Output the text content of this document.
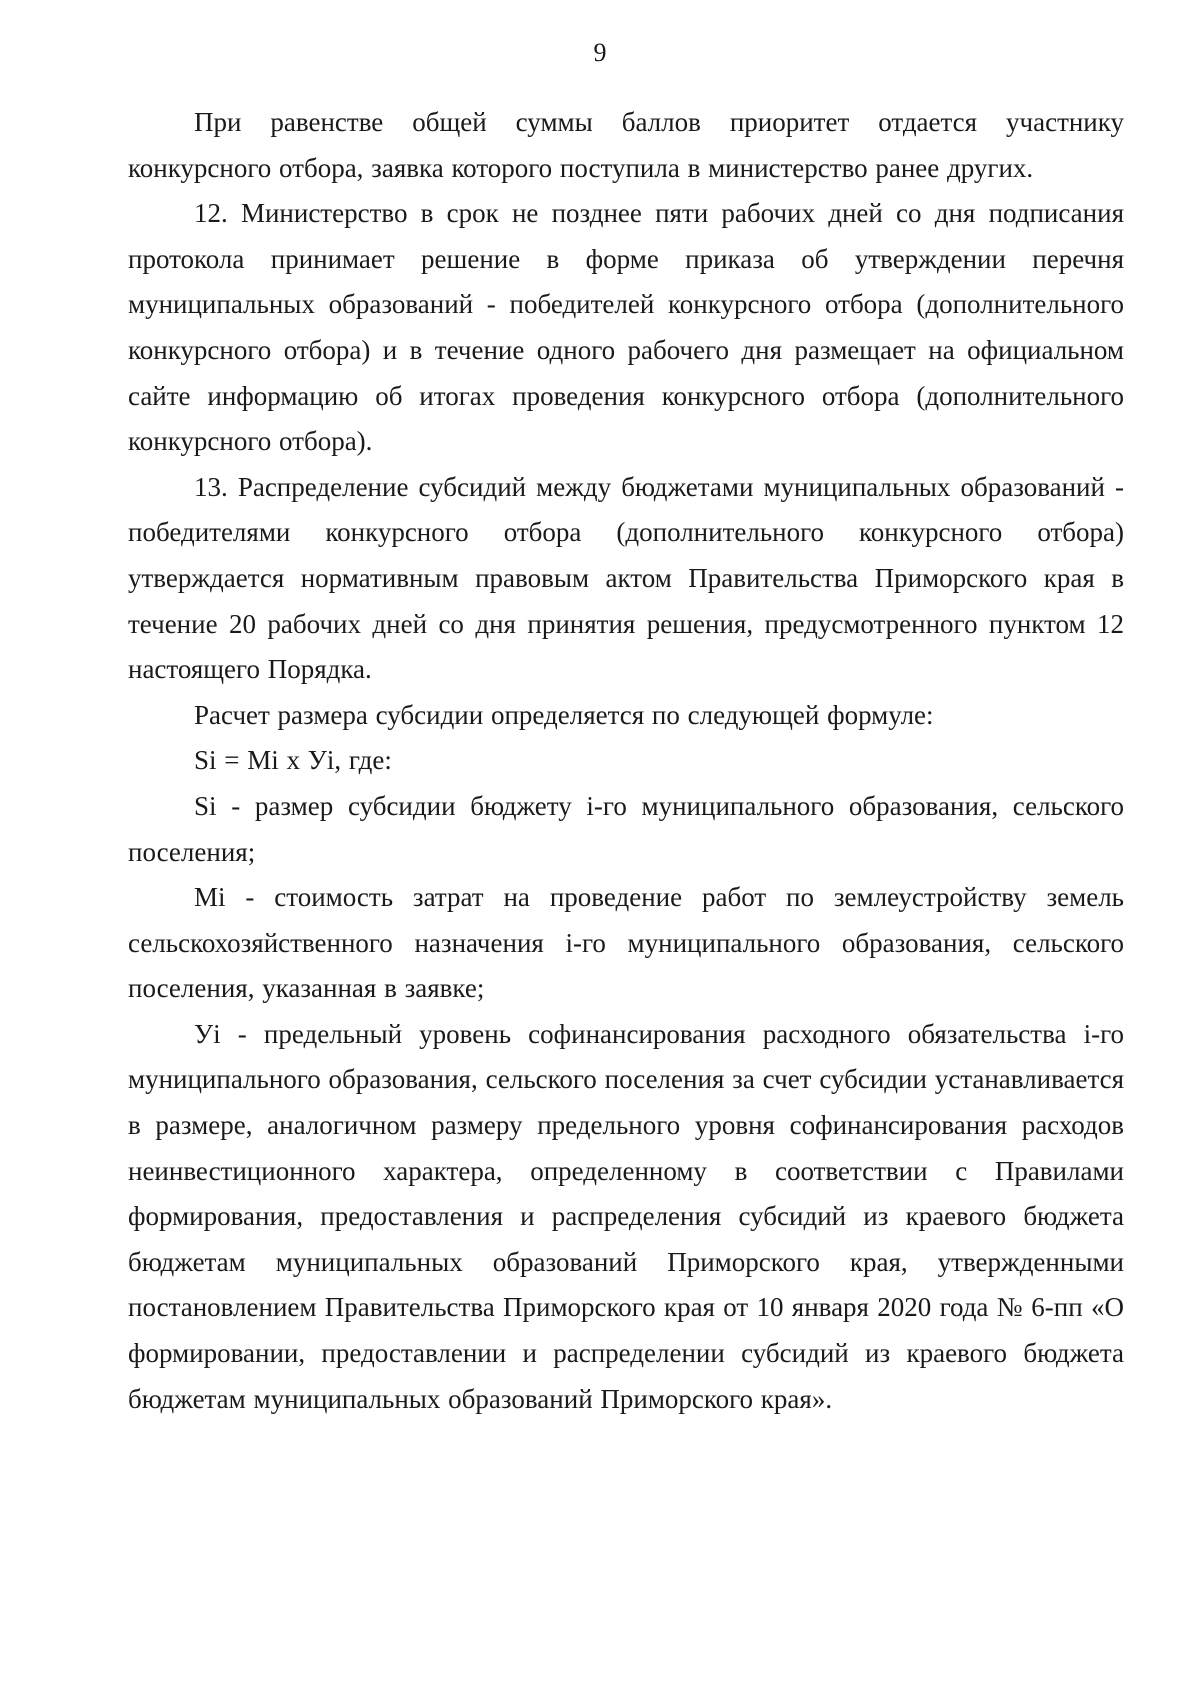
9

При равенстве общей суммы баллов приоритет отдается участнику конкурсного отбора, заявка которого поступила в министерство ранее других.

12. Министерство в срок не позднее пяти рабочих дней со дня подписания протокола принимает решение в форме приказа об утверждении перечня муниципальных образований - победителей конкурсного отбора (дополнительного конкурсного отбора) и в течение одного рабочего дня размещает на официальном сайте информацию об итогах проведения конкурсного отбора (дополнительного конкурсного отбора).

13. Распределение субсидий между бюджетами муниципальных образований - победителями конкурсного отбора (дополнительного конкурсного отбора) утверждается нормативным правовым актом Правительства Приморского края в течение 20 рабочих дней со дня принятия решения, предусмотренного пунктом 12 настоящего Порядка.

Расчет размера субсидии определяется по следующей формуле:

Si = Mi x Уi, где:

Si - размер субсидии бюджету i-го муниципального образования, сельского поселения;

Mi - стоимость затрат на проведение работ по землеустройству земель сельскохозяйственного назначения i-го муниципального образования, сельского поселения, указанная в заявке;

Уi - предельный уровень софинансирования расходного обязательства i-го муниципального образования, сельского поселения за счет субсидии устанавливается в размере, аналогичном размеру предельного уровня софинансирования расходов неинвестиционного характера, определенному в соответствии с Правилами формирования, предоставления и распределения субсидий из краевого бюджета бюджетам муниципальных образований Приморского края, утвержденными постановлением Правительства Приморского края от 10 января 2020 года № 6-пп «О формировании, предоставлении и распределении субсидий из краевого бюджета бюджетам муниципальных образований Приморского края».
